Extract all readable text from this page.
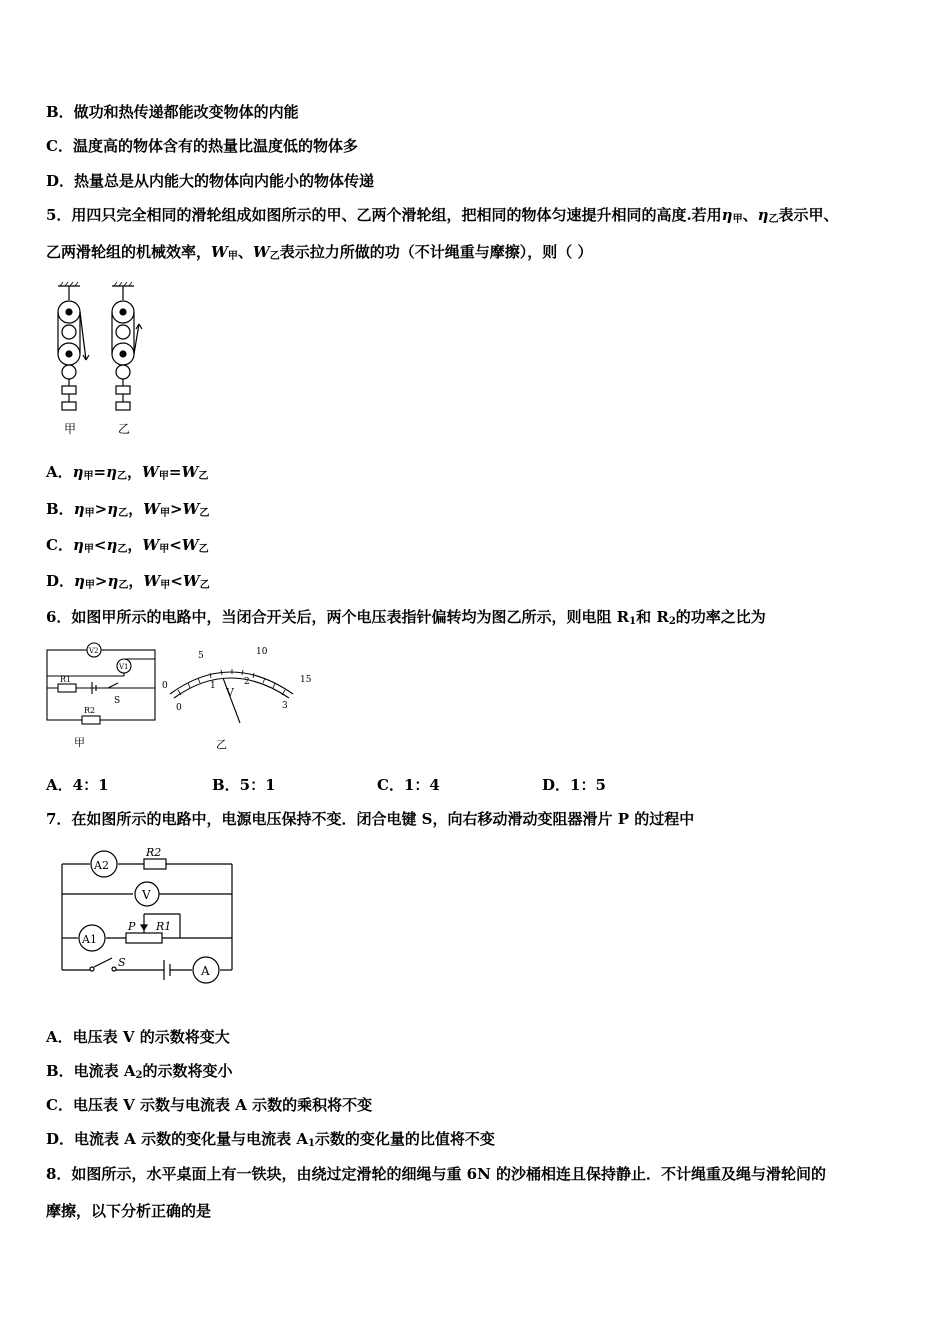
B．做功和热传递都能改变物体的内能
C．温度高的物体含有的热量比温度低的物体多
D．热量总是从内能大的物体向内能小的物体传递
5．用四只完全相同的滑轮组成如图所示的甲、乙两个滑轮组，把相同的物体匀速提升相同的高度.若用$\eta_甲$、$\eta_乙$表示甲、
乙两滑轮组的机械效率，$W_甲$、$W_乙$表示拉力所做的功（不计绳重与摩擦），则（ ）
甲	乙
A．$\eta_甲=\eta_乙$，$W_甲=W_乙$
B．$\eta_甲>\eta_乙$，$W_甲>W_乙$
C．$\eta_甲<\eta_乙$，$W_甲<W_乙$
D．$\eta_甲>\eta_乙$，$W_甲<W_乙$
6．如图甲所示的电路中，当闭合开关后，两个电压表指针偏转均为图乙所示，则电阻 $R_1$和 $R_2$的功率之比为
V2
V1
R1
S
R2
甲
0
5	10
15
0
1	2
3
V
乙
A．4：1	B．5：1	C．1：4	D．1：5
7．在如图所示的电路中，电源电压保持不变．闭合电键 S，向右移动滑动变阻器滑片 P 的过程中
A2
R2
V
A1
P R1
S
A
A．电压表 V 的示数将变大
B．电流表 $A_2$的示数将变小
C．电压表 V 示数与电流表 A 示数的乘积将不变
D．电流表 A 示数的变化量与电流表 $A_1$示数的变化量的比值将不变
8．如图所示，水平桌面上有一铁块，由绕过定滑轮的细绳与重 6N 的沙桶相连且保持静止．不计绳重及绳与滑轮间的
摩擦，以下分析正确的是
